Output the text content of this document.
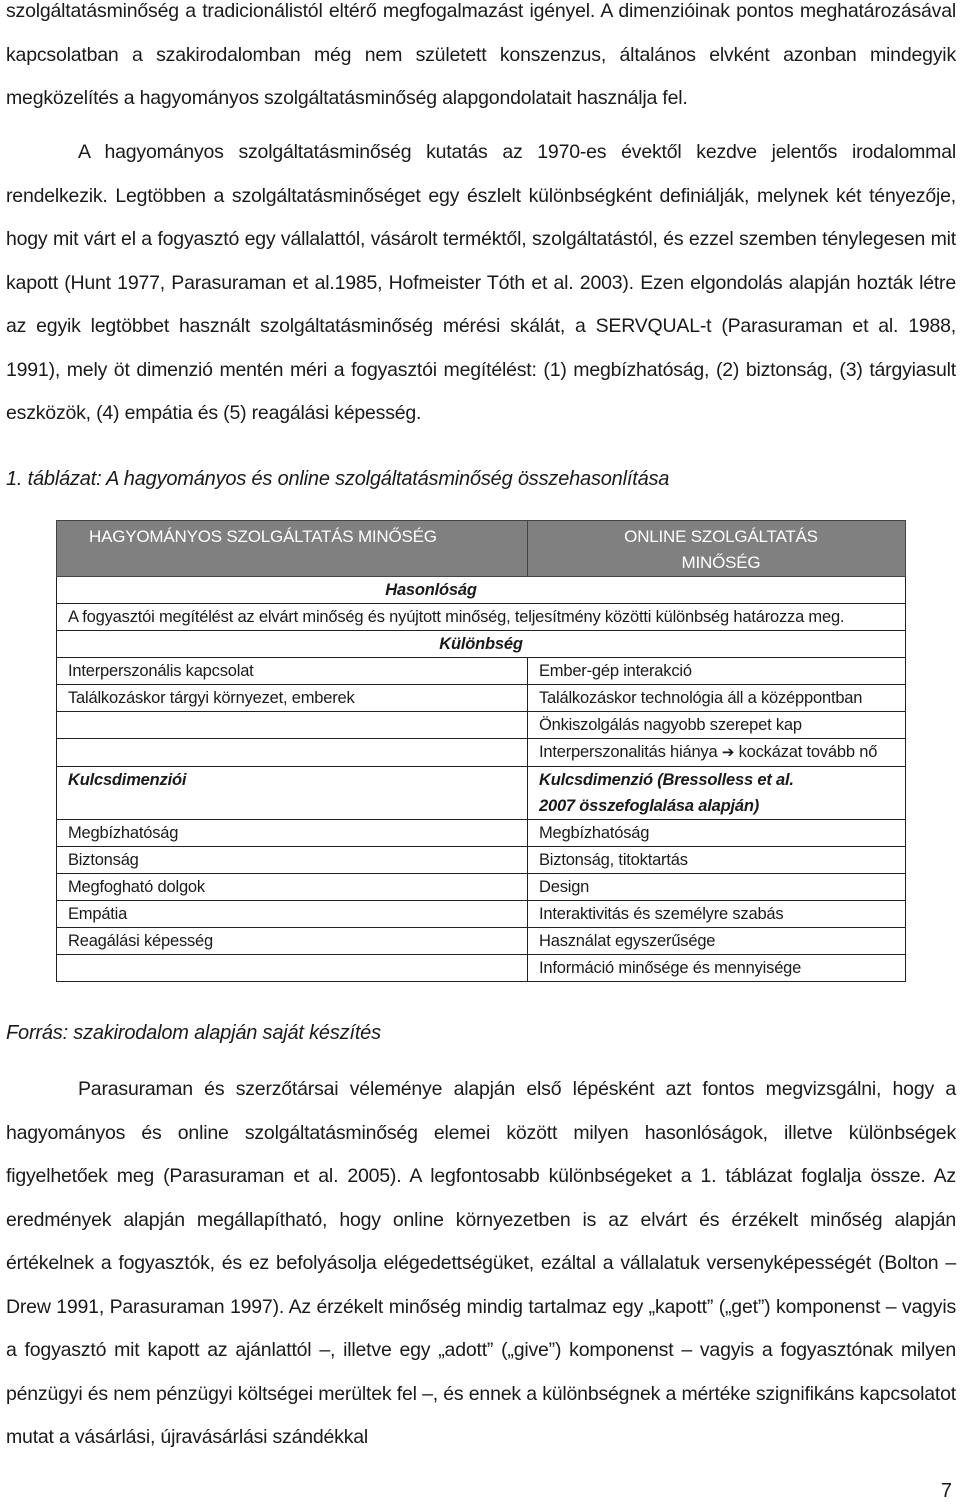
szolgáltatásminőség a tradicionálistól eltérő megfogalmazást igényel. A dimenzióinak pontos meghatározásával kapcsolatban a szakirodalomban még nem született konszenzus, általános elvként azonban mindegyik megközelítés a hagyományos szolgáltatásminőség alapgondolatait használja fel.

A hagyományos szolgáltatásminőség kutatás az 1970-es évektől kezdve jelentős irodalommal rendelkezik. Legtöbben a szolgáltatásminőséget egy észlelt különbségként definiálják, melynek két tényezője, hogy mit várt el a fogyasztó egy vállalattól, vásárolt terméktől, szolgáltatástól, és ezzel szemben ténylegesen mit kapott (Hunt 1977, Parasuraman et al.1985, Hofmeister Tóth et al. 2003). Ezen elgondolás alapján hozták létre az egyik legtöbbet használt szolgáltatásminőség mérési skálát, a SERVQUAL-t (Parasuraman et al. 1988, 1991), mely öt dimenzió mentén méri a fogyasztói megítélést: (1) megbízhatóság, (2) biztonság, (3) tárgyiasult eszközök, (4) empátia és (5) reagálási képesség.

1. táblázat: A hagyományos és online szolgáltatásminőség összehasonlítása
HAGYOMÁNYOS SZOLGÁLTATÁS MINŐSÉG	ONLINE SZOLGÁLTATÁS MINŐSÉG
Hasonlóság	
A fogyasztói megítélést az elvárt minőség és nyújtott minőség, teljesítmény közötti különbség határozza meg.	
Különbség	
Interperszonális kapcsolat	Ember-gép interakció
Találkozáskor tárgyi környezet, emberek	Találkozáskor technológia áll a középpontban
	Önkiszolgálás nagyobb szerepet kap
	Interperszonalitás hiánya ➔ kockázat tovább nő
Kulcsdimenziói	Kulcsdimenzió (Bressolless et al. 2007 összefoglalása alapján)
Megbízhatóság	Megbízhatóság
Biztonság	Biztonság, titoktartás
Megfogható dolgok	Design
Empátia	Interaktivitás és személyre szabás
Reagálási képesség	Használat egyszerűsége
	Információ minősége és mennyisége
Forrás: szakirodalom alapján saját készítés

Parasuraman és szerzőtársai véleménye alapján első lépésként azt fontos megvizsgálni, hogy a hagyományos és online szolgáltatásminőség elemei között milyen hasonlóságok, illetve különbségek figyelhetőek meg (Parasuraman et al. 2005). A legfontosabb különbségeket a 1. táblázat foglalja össze. Az eredmények alapján megállapítható, hogy online környezetben is az elvárt és érzékelt minőség alapján értékelnek a fogyasztók, és ez befolyásolja elégedettségüket, ezáltal a vállalatuk versenyképességét (Bolton – Drew 1991, Parasuraman 1997). Az érzékelt minőség mindig tartalmaz egy „kapott” („get”) komponenst – vagyis a fogyasztó mit kapott az ajánlattól –, illetve egy „adott” („give”) komponenst – vagyis a fogyasztónak milyen pénzügyi és nem pénzügyi költségei merültek fel –, és ennek a különbségnek a mértéke szignifikáns kapcsolatot mutat a vásárlási, újravásárlási szándékkal

7
